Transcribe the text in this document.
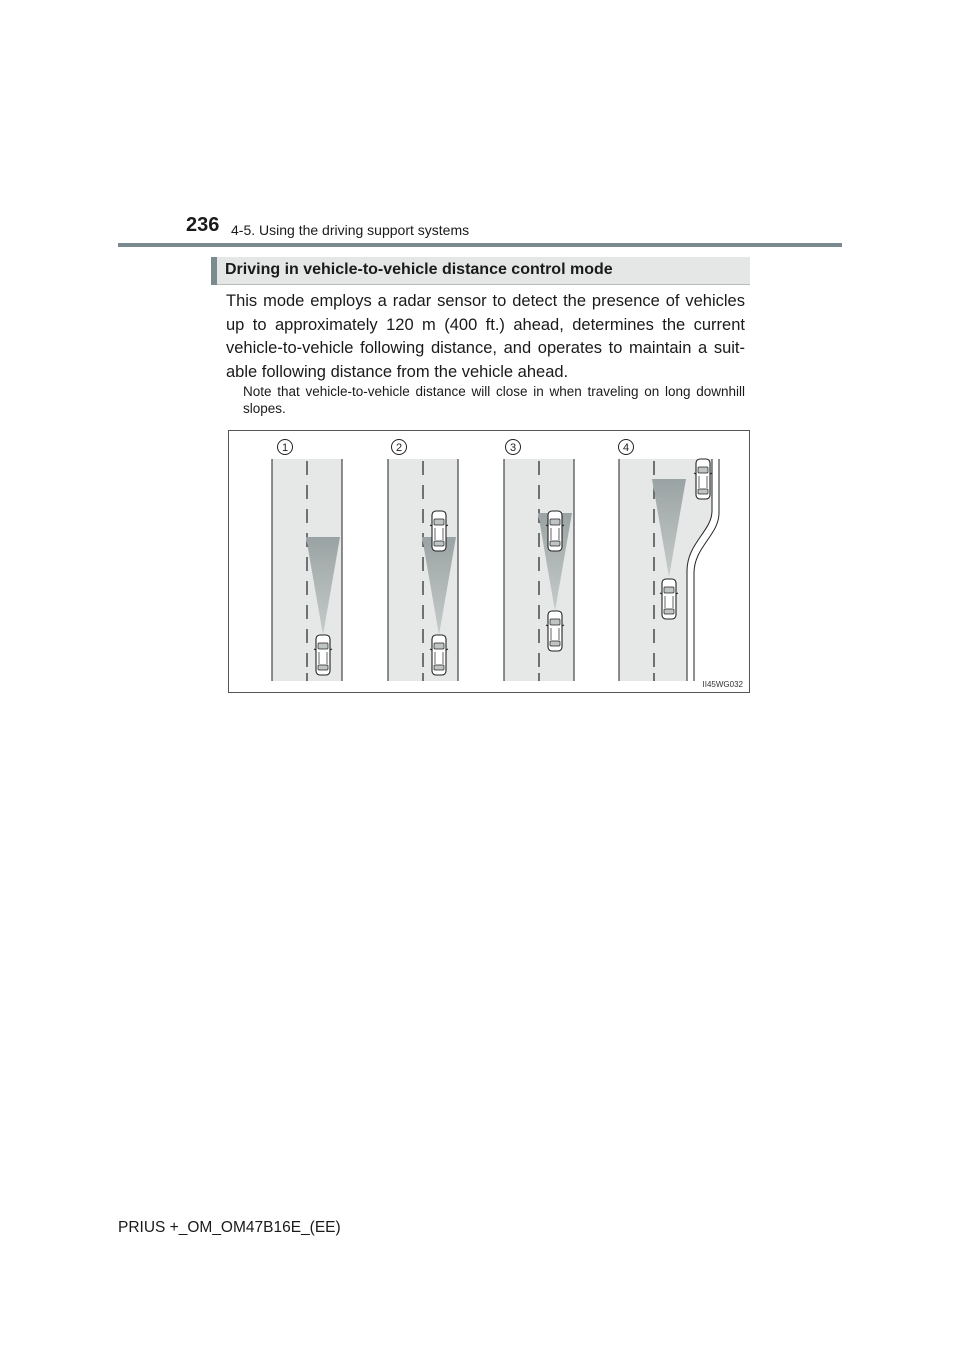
236 4-5. Using the driving support systems
Driving in vehicle-to-vehicle distance control mode

This mode employs a radar sensor to detect the presence of vehicles up to approximately 120 m (400 ft.) ahead, determines the current vehicle-to-vehicle following distance, and operates to maintain a suit-able following distance from the vehicle ahead.

Note that vehicle-to-vehicle distance will close in when traveling on long downhill slopes.

1	2	3	4
II45WG032
PRIUS +_OM_OM47B16E_(EE)
